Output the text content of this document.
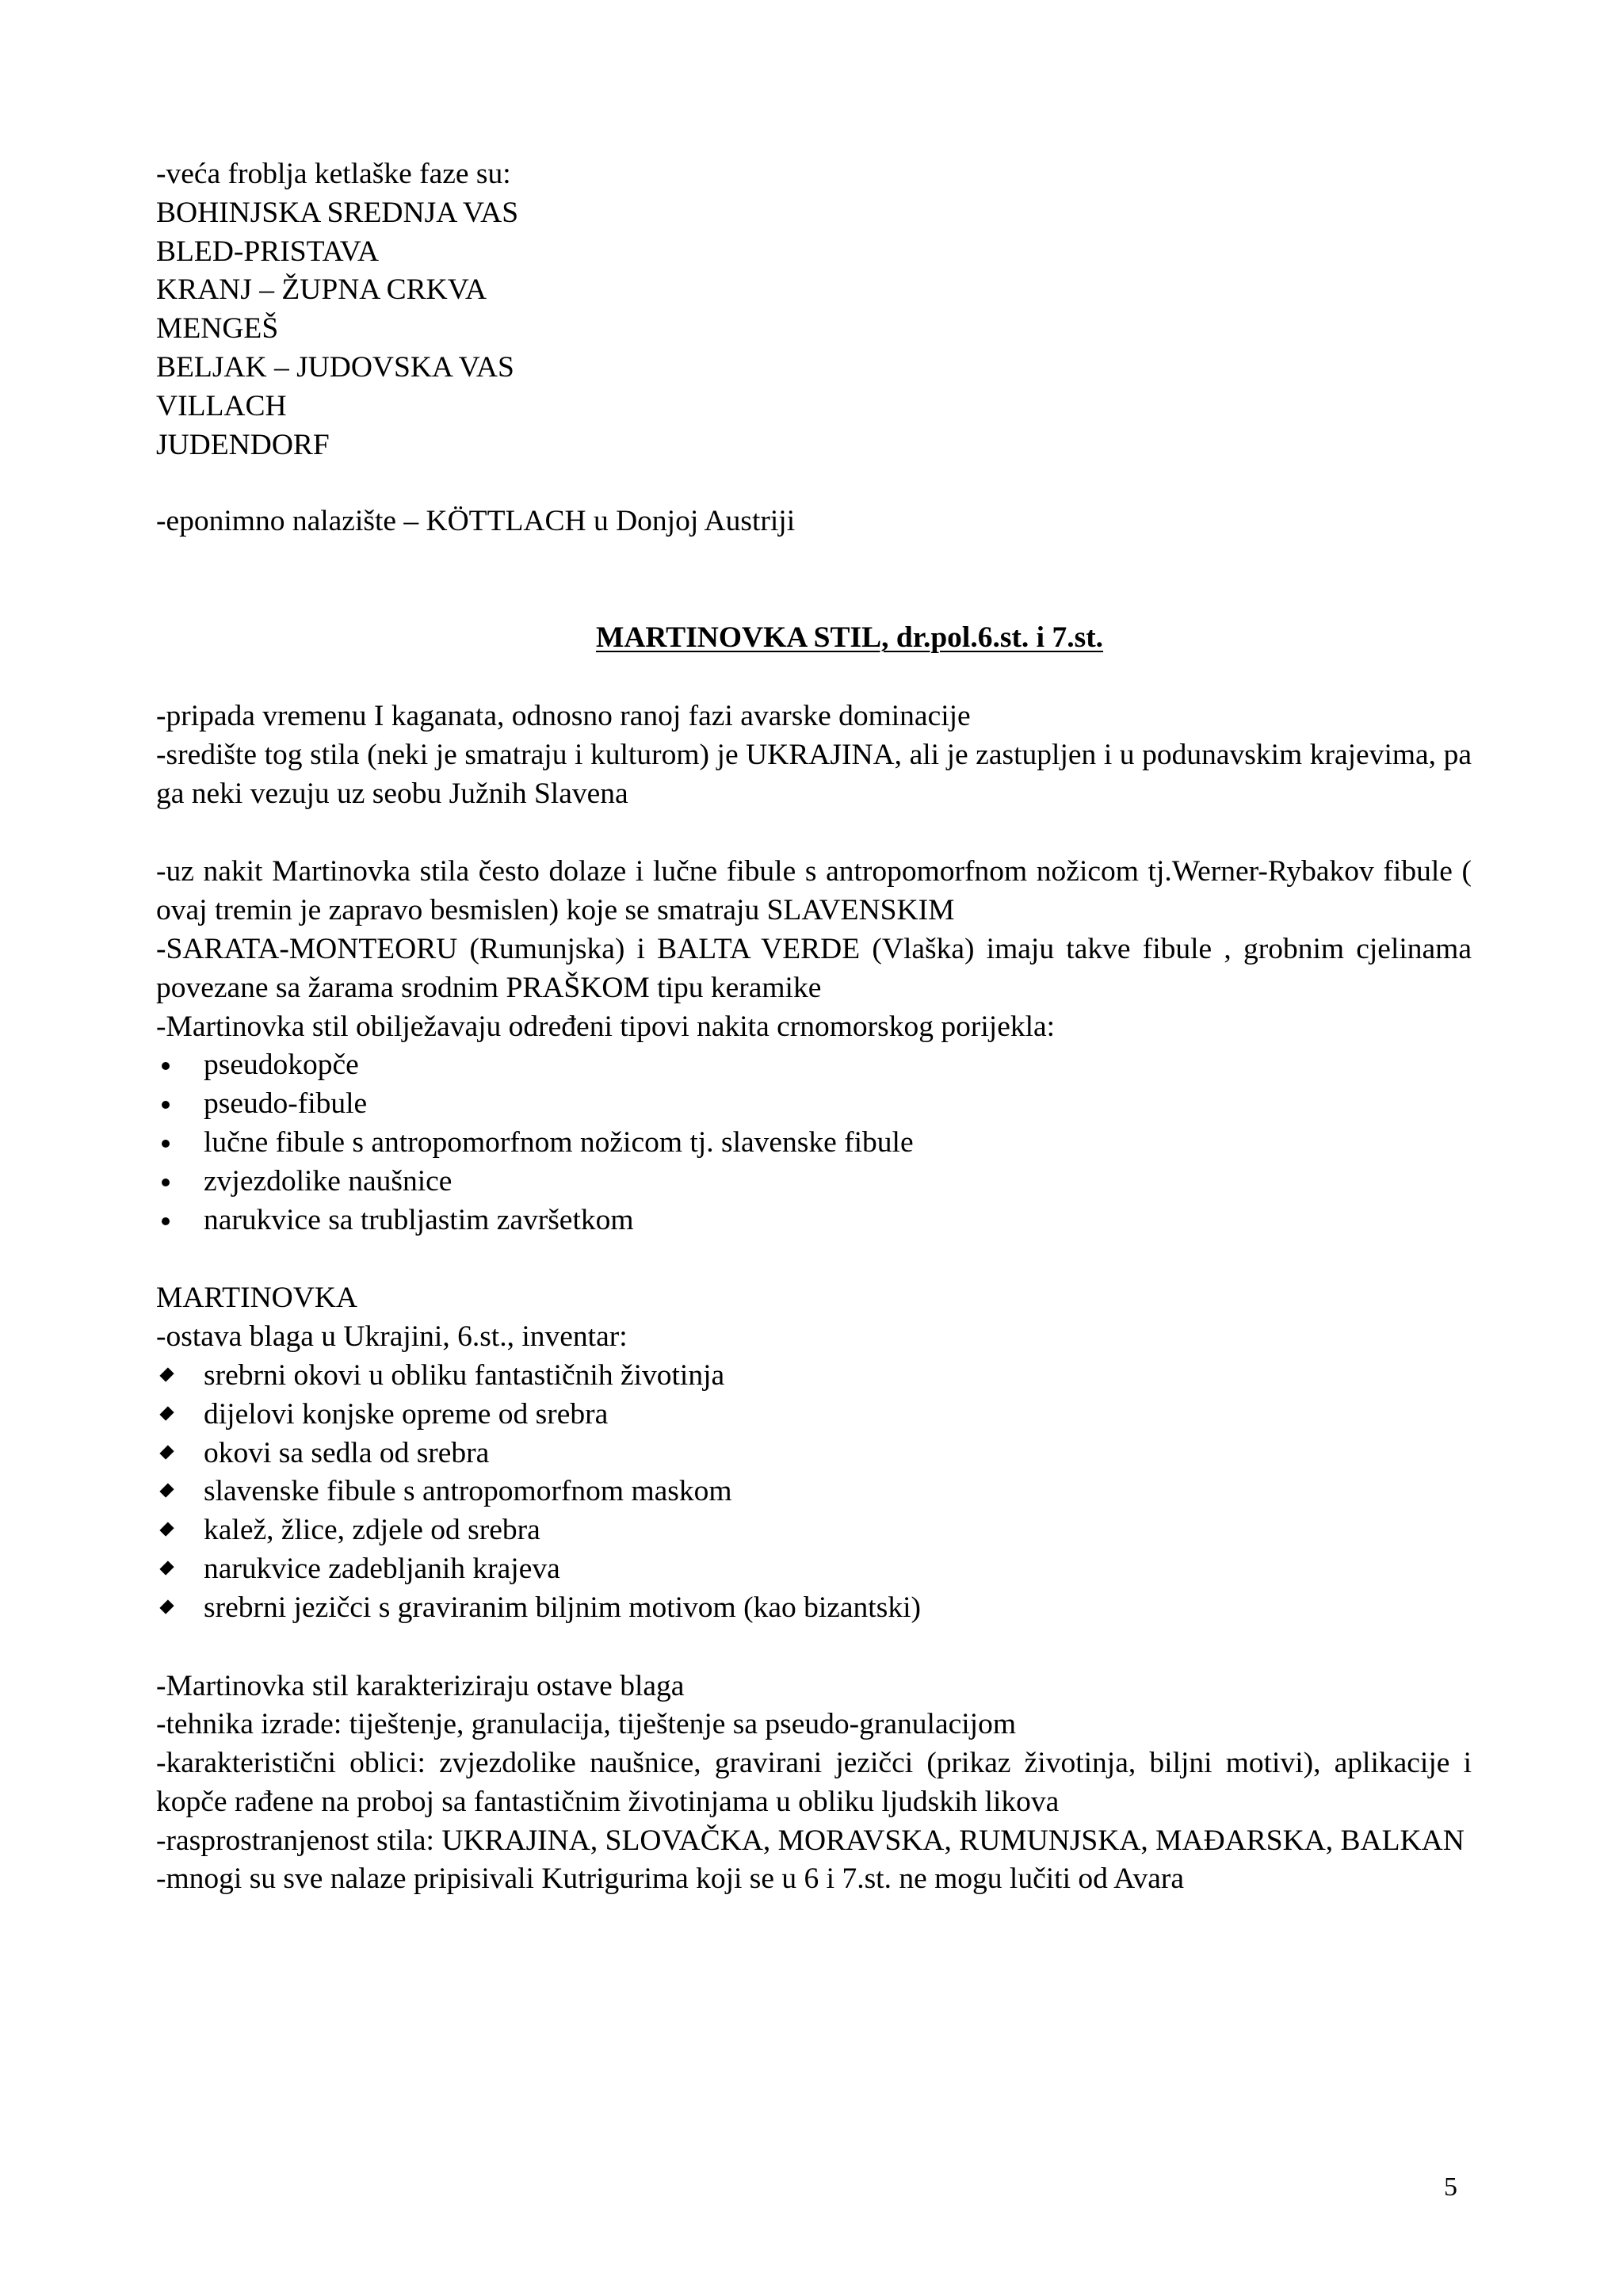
-veća froblja ketlaške faze su:
BOHINJSKA SREDNJA VAS
BLED-PRISTAVA
KRANJ – ŽUPNA CRKVA
MENGEŠ
BELJAK – JUDOVSKA VAS
VILLACH
JUDENDORF
-eponimno nalazište – KÖTTLACH u Donjoj Austriji
MARTINOVKA STIL, dr.pol.6.st. i 7.st.
-pripada vremenu I kaganata, odnosno ranoj fazi avarske dominacije
-središte tog stila (neki je smatraju i kulturom) je UKRAJINA, ali je zastupljen i u podunavskim krajevima, pa ga neki vezuju uz seobu Južnih Slavena
-uz nakit Martinovka stila često dolaze i lučne fibule s antropomorfnom nožicom tj.Werner-Rybakov fibule ( ovaj tremin je zapravo besmislen) koje se smatraju SLAVENSKIM
-SARATA-MONTEORU (Rumunjska) i BALTA VERDE (Vlaška) imaju takve fibule , grobnim cjelinama povezane sa žarama srodnim PRAŠKOM tipu keramike
-Martinovka stil obilježavaju određeni tipovi nakita crnomorskog porijekla:
pseudokopče
pseudo-fibule
lučne fibule s antropomorfnom nožicom tj. slavenske fibule
zvjezdolike naušnice
narukvice sa trubljastim završetkom
MARTINOVKA
-ostava blaga u Ukrajini, 6.st., inventar:
srebrni okovi u obliku fantastičnih životinja
dijelovi konjske opreme od srebra
okovi sa sedla od srebra
slavenske fibule s antropomorfnom maskom
kalež, žlice, zdjele od srebra
narukvice zadebljanih krajeva
srebrni jezičci s graviranim biljnim motivom (kao bizantski)
-Martinovka stil karakteriziraju ostave blaga
-tehnika izrade: tiještenje, granulacija, tiještenje sa pseudo-granulacijom
-karakteristični oblici: zvjezdolike naušnice, gravirani jezičci (prikaz životinja, biljni motivi), aplikacije i kopče rađene na proboj sa fantastičnim životinjama u obliku ljudskih likova
-rasprostranjenost stila: UKRAJINA, SLOVAČKA, MORAVSKA, RUMUNJSKA, MAĐARSKA, BALKAN
-mnogi su sve nalaze pripisivali Kutrigurima koji se u 6 i 7.st. ne mogu lučiti od Avara
5
